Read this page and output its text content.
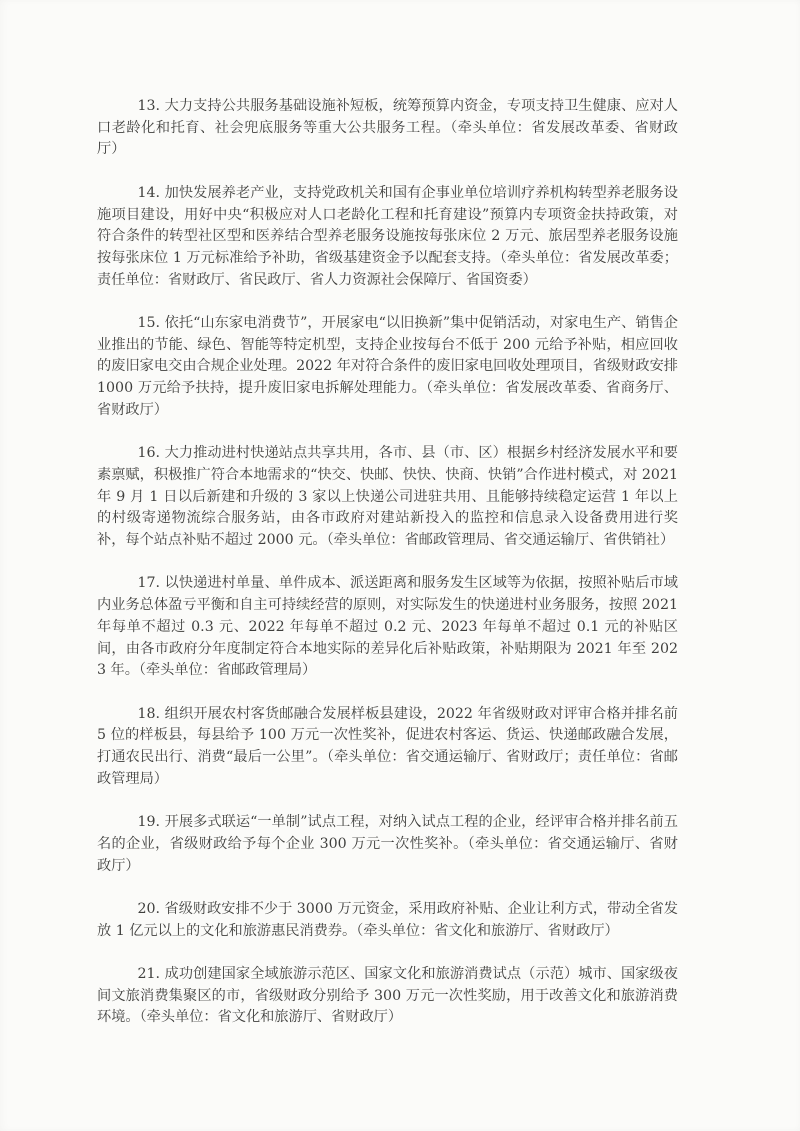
13. 大力支持公共服务基础设施补短板，统筹预算内资金，专项支持卫生健康、应对人口老龄化和托育、社会兜底服务等重大公共服务工程。（牵头单位：省发展改革委、省财政厅）

14. 加快发展养老产业，支持党政机关和国有企事业单位培训疗养机构转型养老服务设施项目建设，用好中央“积极应对人口老龄化工程和托育建设”预算内专项资金扶持政策，对符合条件的转型社区型和医养结合型养老服务设施按每张床位 2 万元、旅居型养老服务设施按每张床位 1 万元标准给予补助，省级基建资金予以配套支持。（牵头单位：省发展改革委；责任单位：省财政厅、省民政厅、省人力资源社会保障厅、省国资委）

15. 依托“山东家电消费节”，开展家电“以旧换新”集中促销活动，对家电生产、销售企业推出的节能、绿色、智能等特定机型，支持企业按每台不低于 200 元给予补贴，相应回收的废旧家电交由合规企业处理。2022 年对符合条件的废旧家电回收处理项目，省级财政安排 1000 万元给予扶持，提升废旧家电拆解处理能力。（牵头单位：省发展改革委、省商务厅、省财政厅）

16. 大力推动进村快递站点共享共用，各市、县（市、区）根据乡村经济发展水平和要素禀赋，积极推广符合本地需求的“快交、快邮、快快、快商、快销”合作进村模式，对 2021 年 9 月 1 日以后新建和升级的 3 家以上快递公司进驻共用、且能够持续稳定运营 1 年以上的村级寄递物流综合服务站，由各市政府对建站新投入的监控和信息录入设备费用进行奖补，每个站点补贴不超过 2000 元。（牵头单位：省邮政管理局、省交通运输厅、省供销社）

17. 以快递进村单量、单件成本、派送距离和服务发生区域等为依据，按照补贴后市域内业务总体盈亏平衡和自主可持续经营的原则，对实际发生的快递进村业务服务，按照 2021 年每单不超过 0.3 元、2022 年每单不超过 0.2 元、2023 年每单不超过 0.1 元的补贴区间，由各市政府分年度制定符合本地实际的差异化后补贴政策，补贴期限为 2021 年至 2023 年。（牵头单位：省邮政管理局）

18. 组织开展农村客货邮融合发展样板县建设，2022 年省级财政对评审合格并排名前 5 位的样板县，每县给予 100 万元一次性奖补，促进农村客运、货运、快递邮政融合发展，打通农民出行、消费“最后一公里”。（牵头单位：省交通运输厅、省财政厅；责任单位：省邮政管理局）

19. 开展多式联运“一单制”试点工程，对纳入试点工程的企业，经评审合格并排名前五名的企业，省级财政给予每个企业 300 万元一次性奖补。（牵头单位：省交通运输厅、省财政厅）

20. 省级财政安排不少于 3000 万元资金，采用政府补贴、企业让利方式，带动全省发放 1 亿元以上的文化和旅游惠民消费券。（牵头单位：省文化和旅游厅、省财政厅）

21. 成功创建国家全域旅游示范区、国家文化和旅游消费试点（示范）城市、国家级夜间文旅消费集聚区的市，省级财政分别给予 300 万元一次性奖励，用于改善文化和旅游消费环境。（牵头单位：省文化和旅游厅、省财政厅）
